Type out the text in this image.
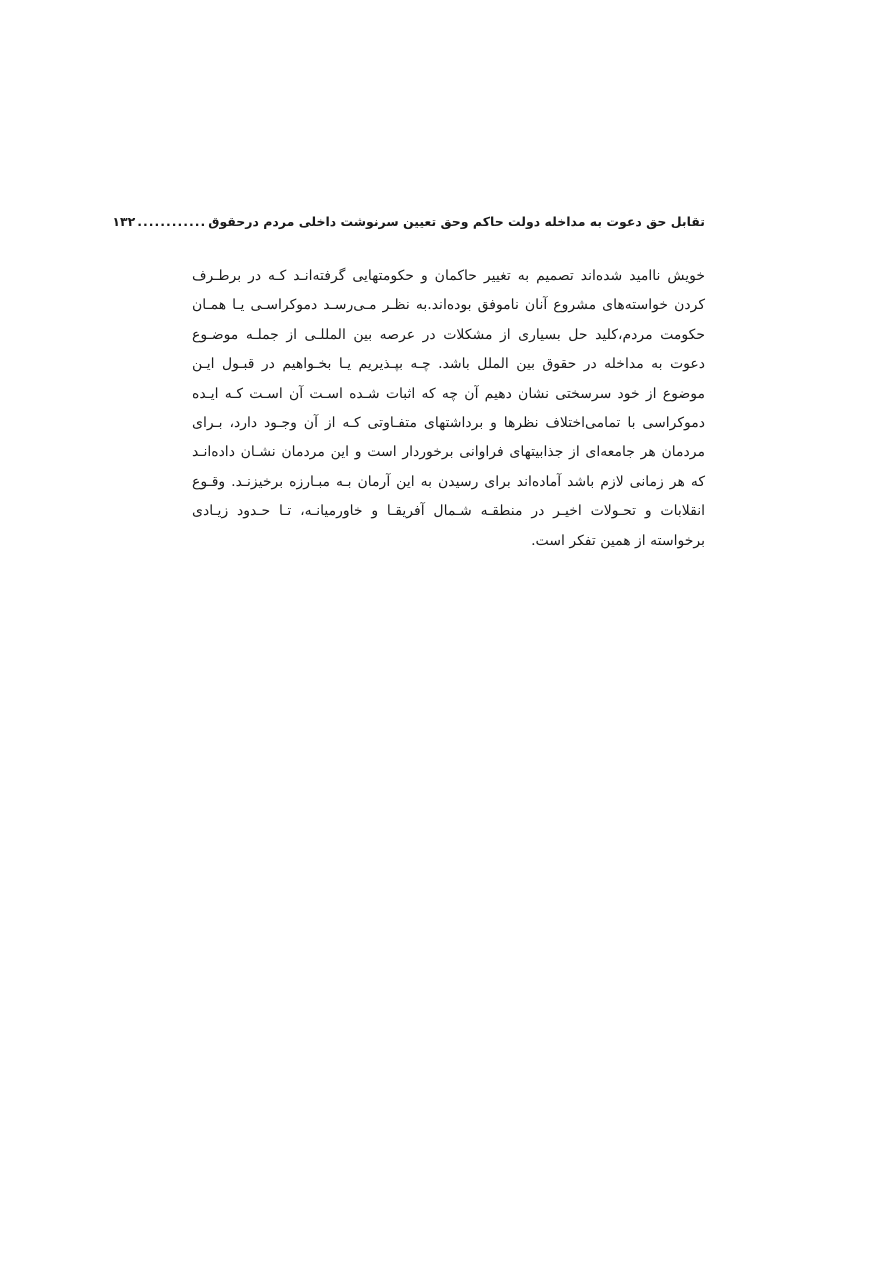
تقابل حق دعوت به مداخله دولت حاکم وحق تعیین سرنوشت داخلی مردم درحقوق
............
۱۳۲

خویش ناامید شده‌اند تصمیم به تغییر حاکمان و حکومتهایی گرفته‌انـد کـه در برطـرف کردن خواسته‌های مشروع آنان ناموفق بوده‌اند.به نظـر مـی‌رسـد دموکراسـی یـا همـان حکومت مردم،کلید حل بسیاری از مشکلات در عرصه بین المللـی از جملـه موضـوع دعوت به مداخله در حقوق بین الملل باشد. چـه بپـذیریم یـا بخـواهیم در قبـول ایـن موضوع از خود سرسختی نشان دهیم آن چه که اثبات شـده اسـت آن اسـت کـه ایـده دموکراسی با تمامی‌اختلاف نظرها و برداشتهای متفـاوتی کـه از آن وجـود دارد، بـرای مردمان هر جامعه‌ای از جذابیتهای فراوانی برخوردار است و این مردمان نشـان داده‌انـد که هر زمانی لازم باشد آماده‌اند برای رسیدن به این آرمان بـه مبـارزه برخیزنـد. وقـوع انقلابات و تحـولات اخیـر در منطقـه شـمال آفریقـا و خاورمیانـه، تـا حـدود زیـادی برخواسته از همین تفکر است.
